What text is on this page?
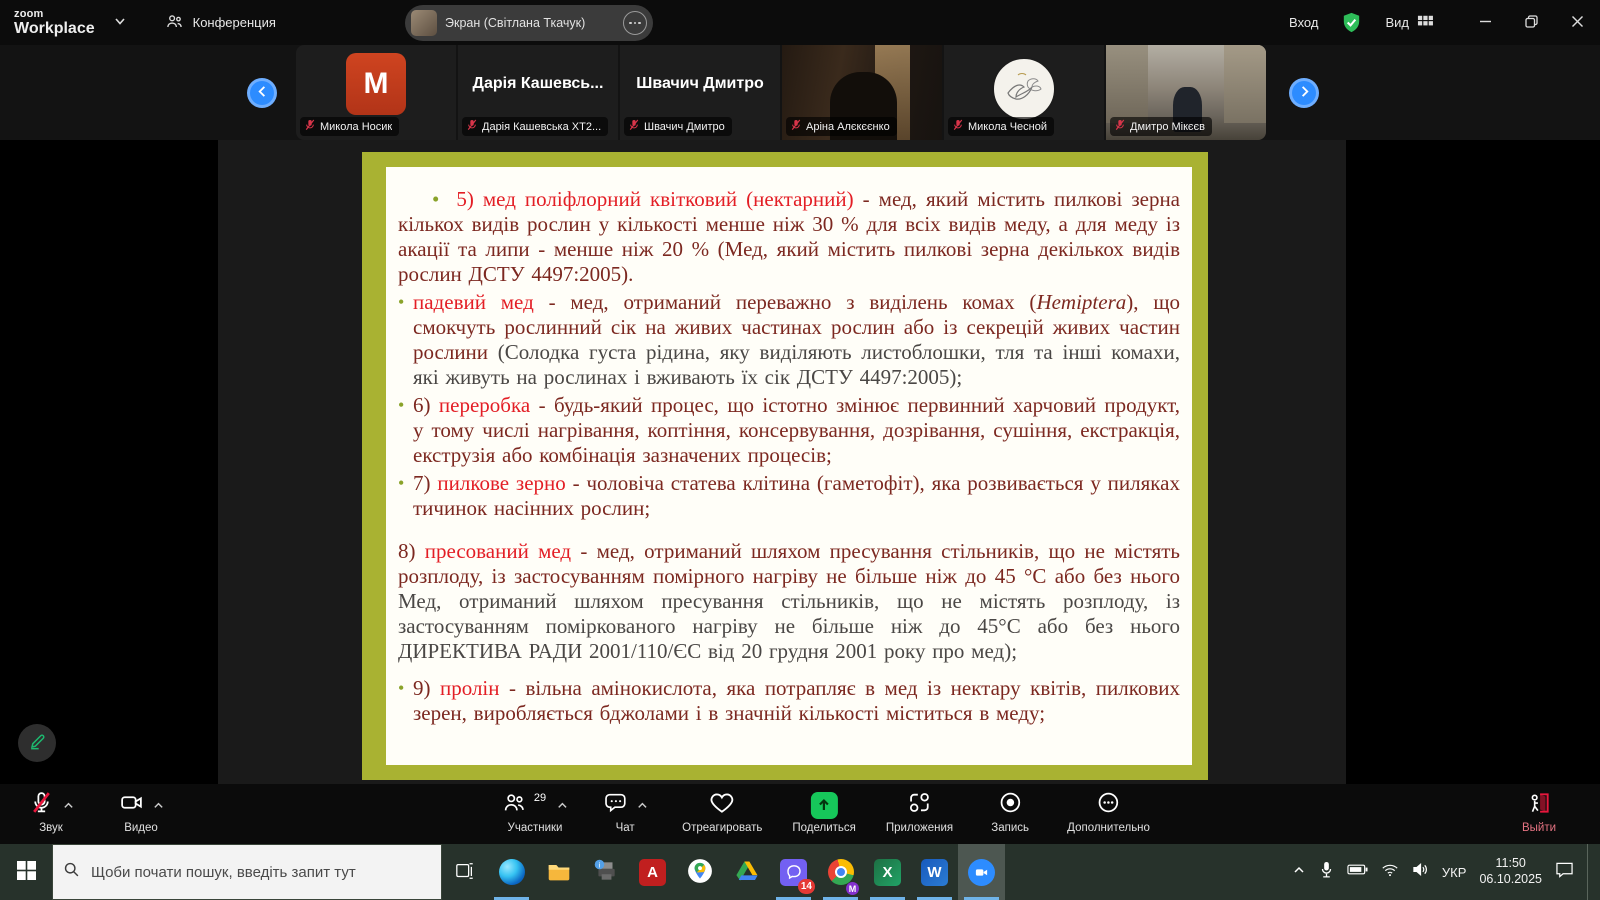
zoom
Workplace	Конференция	Экран (Світлана Ткачук)	Вход	Вид
M
Микола Носик
Дарія Кашевсь...
Дарія Кашевська ХТ2...
Швачич Дмитро
Швачич Дмитро	Аріна Алєкєєнко	Микола Чесной	Дмитро Мікєєв
• 5) мед поліфлорний квітковий (нектарний) - мед, який містить пилкові зерна кількох видів рослин у кількості менше ніж 30 % для всіх видів меду, а для меду із акації та липи - менше ніж 20 % (Мед, який містить пилкові зерна декількох видів рослин ДСТУ 4497:2005).
• падевий мед - мед, отриманий переважно з виділень комах (Hemiptera), що смокчуть рослинний сік на живих частинах рослин або із секрецій живих частин рослини (Солодка густа рідина, яку виділяють листоблошки, тля та інші комахи, які живуть на рослинах і вживають їх сік ДСТУ 4497:2005);
• 6) переробка - будь-який процес, що істотно змінює первинний харчовий продукт, у тому числі нагрівання, коптіння, консервування, дозрівання, сушіння, екстракція, екструзія або комбінація зазначених процесів;
• 7) пилкове зерно - чоловіча статева клітина (гаметофіт), яка розвивається у пиляках тичинок насінних рослин;
8) пресований мед - мед, отриманий шляхом пресування стільників, що не містять розплоду, із застосуванням помірного нагріву не більше ніж до 45 °C або без нього Мед, отриманий шляхом пресування стільників, що не містять розплоду, із застосуванням поміркованого нагріву не більше ніж до 45°C або без нього ДИРЕКТИВА РАДИ 2001/110/ЄС від 20 грудня 2001 року про мед);
• 9) пролін - вільна амінокислота, яка потрапляє в мед із нектару квітів, пилкових зерен, виробляється бджолами і в значній кількості міститься в меду;
Звук	Видео
29
Участники	Чат	Отреагировать	Поделиться	Приложения	Запись	Дополнительно	Выйти
Щоби почати пошук, введіть запит тут
i	A
14	M
X	W	УКР
11:50
06.10.2025
